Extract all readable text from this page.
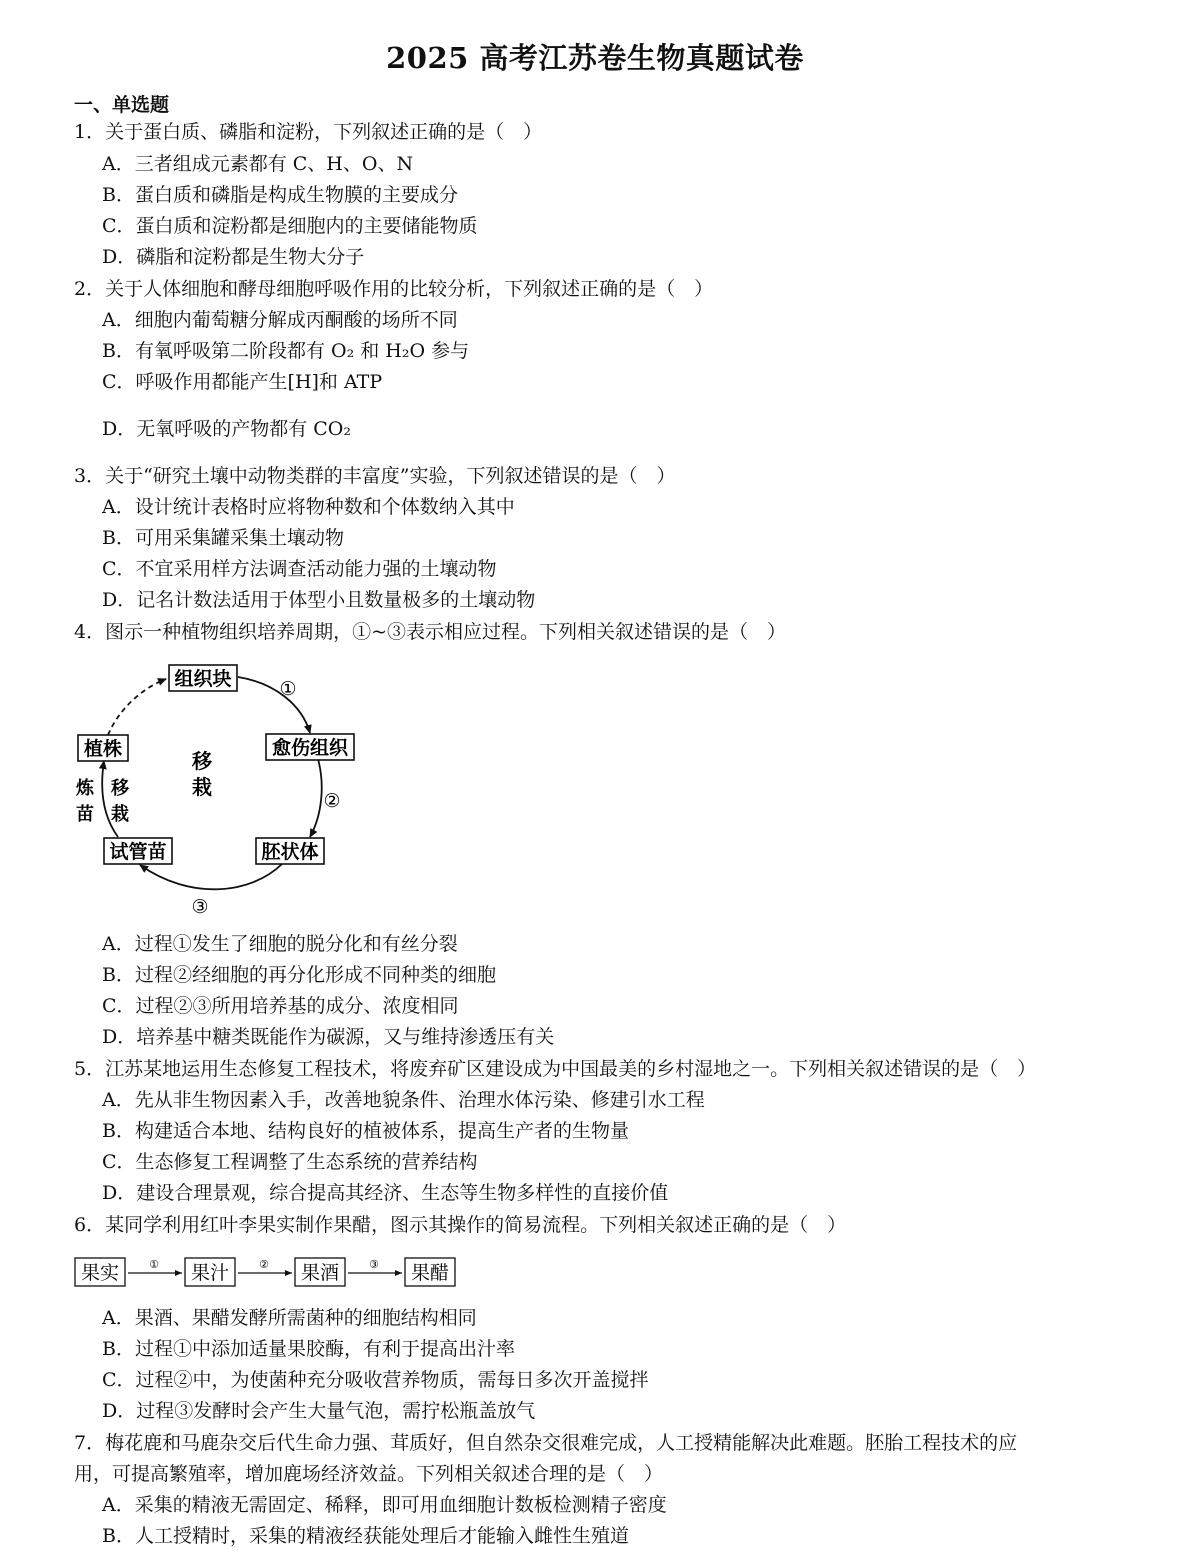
2025 高考江苏卷生物真题试卷
一、单选题
1．关于蛋白质、磷脂和淀粉，下列叙述正确的是（　）
A．三者组成元素都有 C、H、O、N
B．蛋白质和磷脂是构成生物膜的主要成分
C．蛋白质和淀粉都是细胞内的主要储能物质
D．磷脂和淀粉都是生物大分子
2．关于人体细胞和酵母细胞呼吸作用的比较分析，下列叙述正确的是（　）
A．细胞内葡萄糖分解成丙酮酸的场所不同
B．有氧呼吸第二阶段都有 O₂ 和 H₂O 参与
C．呼吸作用都能产生[H]和 ATP
D．无氧呼吸的产物都有 CO₂
3．关于“研究土壤中动物类群的丰富度”实验，下列叙述错误的是（　）
A．设计统计表格时应将物种数和个体数纳入其中
B．可用采集罐采集土壤动物
C．不宜采用样方法调查活动能力强的土壤动物
D．记名计数法适用于体型小且数量极多的土壤动物
4．图示一种植物组织培养周期，①~③表示相应过程。下列相关叙述错误的是（　）
组织块
愈伤组织
胚状体
试管苗
植株
①
②
③
移
栽
炼
苗
移
栽
A．过程①发生了细胞的脱分化和有丝分裂
B．过程②经细胞的再分化形成不同种类的细胞
C．过程②③所用培养基的成分、浓度相同
D．培养基中糖类既能作为碳源，又与维持渗透压有关
5．江苏某地运用生态修复工程技术，将废弃矿区建设成为中国最美的乡村湿地之一。下列相关叙述错误的是（　）
A．先从非生物因素入手，改善地貌条件、治理水体污染、修建引水工程
B．构建适合本地、结构良好的植被体系，提高生产者的生物量
C．生态修复工程调整了生态系统的营养结构
D．建设合理景观，综合提高其经济、生态等生物多样性的直接价值
6．某同学利用红叶李果实制作果醋，图示其操作的简易流程。下列相关叙述正确的是（　）
果实	① 果汁	② 果酒	③ 果醋
A．果酒、果醋发酵所需菌种的细胞结构相同
B．过程①中添加适量果胶酶，有利于提高出汁率
C．过程②中，为使菌种充分吸收营养物质，需每日多次开盖搅拌
D．过程③发酵时会产生大量气泡，需拧松瓶盖放气
7．梅花鹿和马鹿杂交后代生命力强、茸质好，但自然杂交很难完成，人工授精能解决此难题。胚胎工程技术的应
用，可提高繁殖率，增加鹿场经济效益。下列相关叙述合理的是（　）
A．采集的精液无需固定、稀释，即可用血细胞计数板检测精子密度
B．人工授精时，采集的精液经获能处理后才能输入雌性生殖道
